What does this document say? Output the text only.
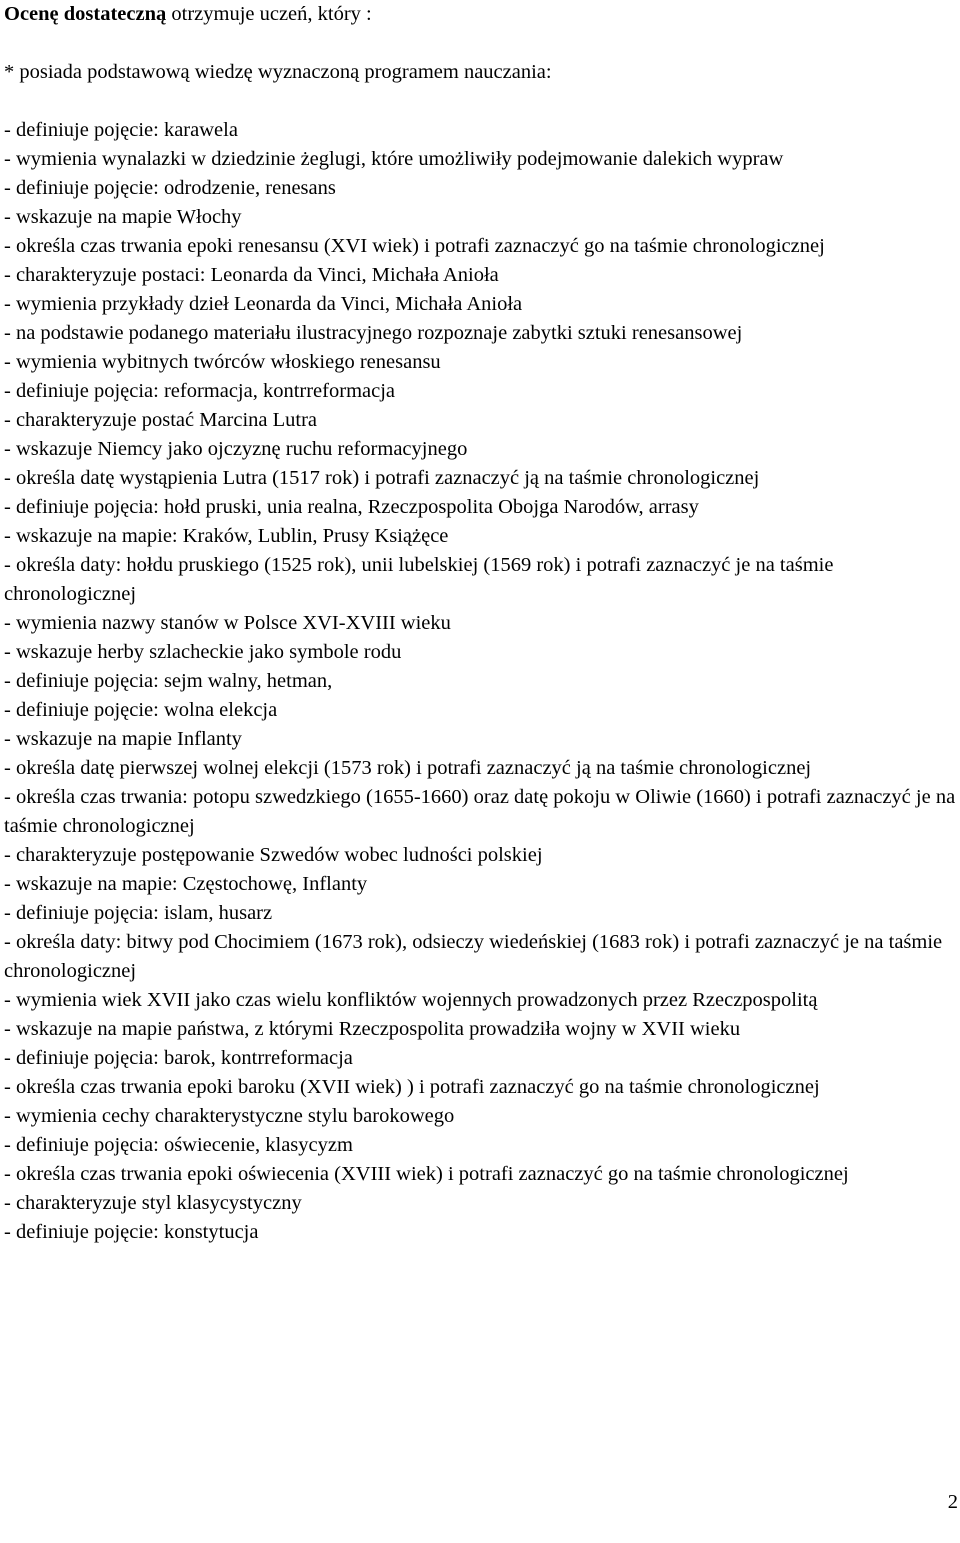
Ocenę dostateczną otrzymuje uczeń, który :

* posiada podstawową wiedzę wyznaczoną programem nauczania:

- definiuje pojęcie: karawela
- wymienia wynalazki w dziedzinie żeglugi, które umożliwiły podejmowanie dalekich wypraw
- definiuje pojęcie: odrodzenie, renesans
- wskazuje na mapie Włochy
- określa czas trwania epoki renesansu (XVI wiek) i potrafi zaznaczyć go na taśmie chronologicznej
- charakteryzuje postaci: Leonarda da Vinci, Michała Anioła
- wymienia przykłady dzieł Leonarda da Vinci, Michała Anioła
- na podstawie podanego materiału ilustracyjnego rozpoznaje zabytki sztuki renesansowej
- wymienia wybitnych twórców włoskiego renesansu
- definiuje pojęcia: reformacja, kontrreformacja
- charakteryzuje postać Marcina Lutra
- wskazuje Niemcy jako ojczyznę ruchu reformacyjnego
- określa datę wystąpienia Lutra (1517 rok) i potrafi zaznaczyć ją na taśmie chronologicznej
- definiuje pojęcia: hołd pruski, unia realna, Rzeczpospolita Obojga Narodów, arrasy
- wskazuje na mapie: Kraków, Lublin, Prusy Książęce
- określa daty: hołdu pruskiego (1525 rok), unii lubelskiej (1569 rok) i potrafi zaznaczyć je na taśmie chronologicznej
- wymienia nazwy stanów w Polsce XVI-XVIII wieku
- wskazuje herby szlacheckie jako symbole rodu
- definiuje pojęcia: sejm walny, hetman,
- definiuje pojęcie: wolna elekcja
- wskazuje na mapie Inflanty
- określa datę pierwszej wolnej elekcji (1573 rok) i potrafi zaznaczyć ją na taśmie chronologicznej
- określa czas trwania: potopu szwedzkiego (1655-1660) oraz datę pokoju w Oliwie (1660) i potrafi zaznaczyć je na taśmie chronologicznej
- charakteryzuje postępowanie Szwedów wobec ludności polskiej
- wskazuje na mapie: Częstochowę, Inflanty
- definiuje pojęcia: islam, husarz
- określa daty: bitwy pod Chocimiem (1673 rok), odsieczy wiedeńskiej (1683 rok) i potrafi zaznaczyć je na taśmie chronologicznej
- wymienia wiek XVII jako czas wielu konfliktów wojennych prowadzonych przez Rzeczpospolitą
- wskazuje na mapie państwa, z którymi Rzeczpospolita prowadziła wojny w XVII wieku
- definiuje pojęcia: barok, kontrreformacja
- określa czas trwania epoki baroku (XVII wiek) ) i potrafi zaznaczyć go na taśmie chronologicznej
- wymienia cechy charakterystyczne stylu barokowego
- definiuje pojęcia: oświecenie, klasycyzm
- określa czas trwania epoki oświecenia (XVIII wiek) i potrafi zaznaczyć go na taśmie chronologicznej
- charakteryzuje styl klasycystyczny
- definiuje pojęcie: konstytucja
2
